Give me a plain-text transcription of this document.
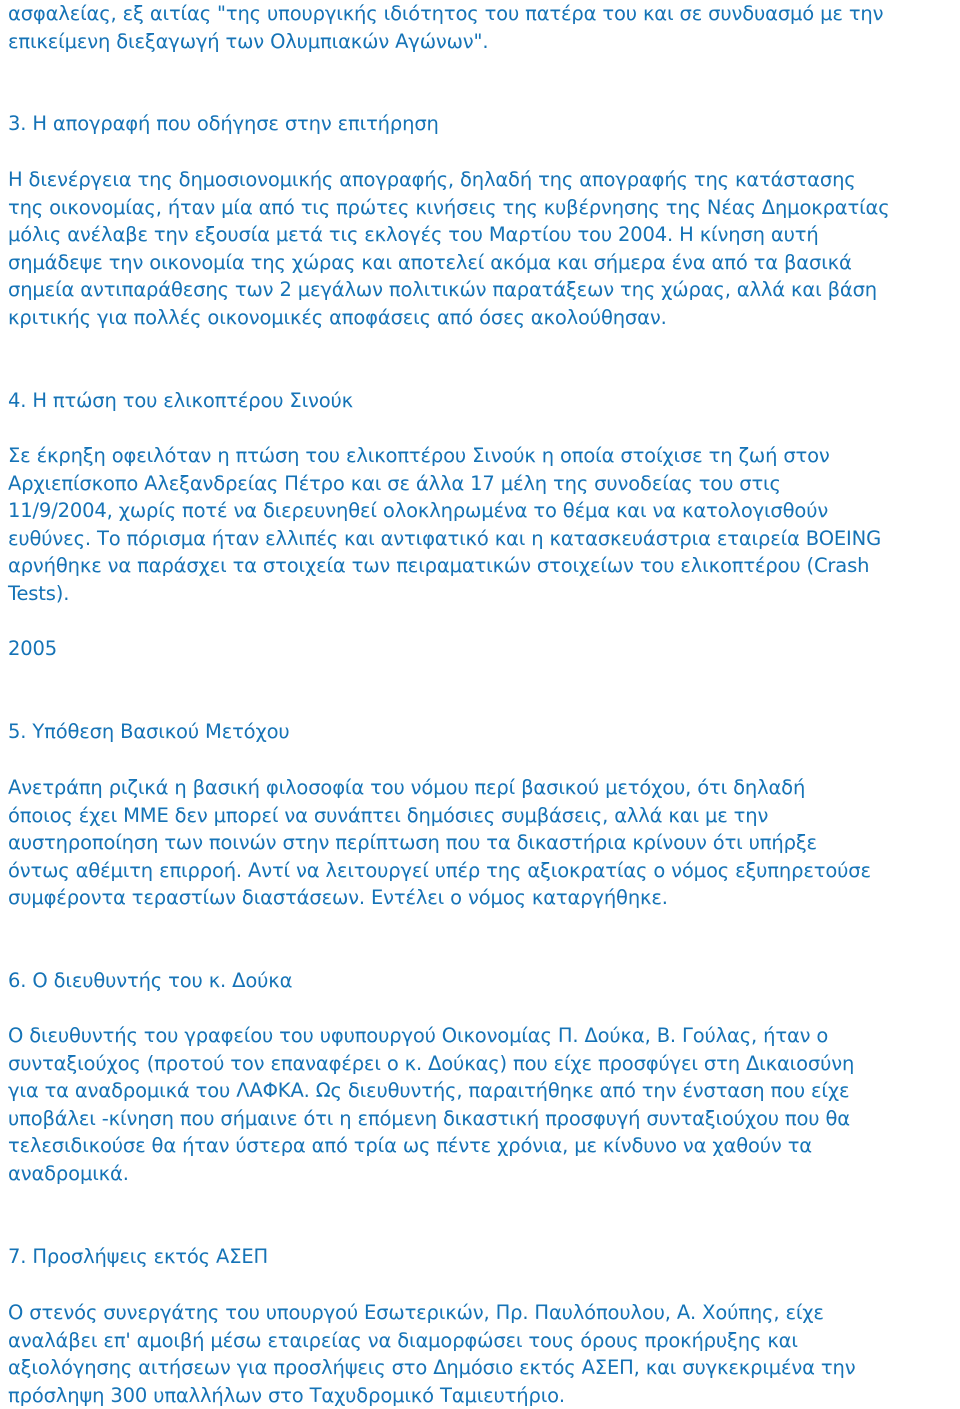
ασφαλείας, εξ αιτίας "της υπουργικής ιδιότητος του πατέρα του και σε συνδυασμό με την
επικείμενη διεξαγωγή των Ολυμπιακών Αγώνων".
3. Η απογραφή που οδήγησε στην επιτήρηση
Η διενέργεια της δημοσιονομικής απογραφής, δηλαδή της απογραφής της κατάστασης
της οικονομίας, ήταν μία από τις πρώτες κινήσεις της κυβέρνησης της Νέας Δημοκρατίας
μόλις ανέλαβε την εξουσία μετά τις εκλογές του Μαρτίου του 2004. Η κίνηση αυτή
σημάδεψε την οικονομία της χώρας και αποτελεί ακόμα και σήμερα ένα από τα βασικά
σημεία αντιπαράθεσης των 2 μεγάλων πολιτικών παρατάξεων της χώρας, αλλά και βάση
κριτικής για πολλές οικονομικές αποφάσεις από όσες ακολούθησαν.
4. Η πτώση του ελικοπτέρου Σινούκ
Σε έκρηξη οφειλόταν η πτώση του ελικοπτέρου Σινούκ η οποία στοίχισε τη ζωή στον
Αρχιεπίσκοπο Αλεξανδρείας Πέτρο και σε άλλα 17 μέλη της συνοδείας του στις
11/9/2004, χωρίς ποτέ να διερευνηθεί ολοκληρωμένα το θέμα και να κατολογισθούν
ευθύνες. Το πόρισμα ήταν ελλιπές και αντιφατικό και η κατασκευάστρια εταιρεία BOEING
αρνήθηκε να παράσχει τα στοιχεία των πειραματικών στοιχείων του ελικοπτέρου (Crash
Tests).
2005
5. Υπόθεση Βασικού Μετόχου
Ανετράπη ριζικά η βασική φιλοσοφία του νόμου περί βασικού μετόχου, ότι δηλαδή
όποιος έχει ΜΜΕ δεν μπορεί να συνάπτει δημόσιες συμβάσεις, αλλά και με την
αυστηροποίηση των ποινών στην περίπτωση που τα δικαστήρια κρίνουν ότι υπήρξε
όντως αθέμιτη επιρροή. Αντί να λειτουργεί υπέρ της αξιοκρατίας ο νόμος εξυπηρετούσε
συμφέροντα τεραστίων διαστάσεων. Εντέλει ο νόμος καταργήθηκε.
6. Ο διευθυντής του κ. Δούκα
Ο διευθυντής του γραφείου του υφυπουργού Οικονομίας Π. Δούκα, Β. Γούλας, ήταν ο
συνταξιούχος (προτού τον επαναφέρει ο κ. Δούκας) που είχε προσφύγει στη Δικαιοσύνη
για τα αναδρομικά του ΛΑΦΚΑ. Ως διευθυντής, παραιτήθηκε από την ένσταση που είχε
υποβάλει -κίνηση που σήμαινε ότι η επόμενη δικαστική προσφυγή συνταξιούχου που θα
τελεσιδικούσε θα ήταν ύστερα από τρία ως πέντε χρόνια, με κίνδυνο να χαθούν τα
αναδρομικά.
7. Προσλήψεις εκτός ΑΣΕΠ
Ο στενός συνεργάτης του υπουργού Εσωτερικών, Πρ. Παυλόπουλου, Α. Χούπης, είχε
αναλάβει επ' αμοιβή μέσω εταιρείας να διαμορφώσει τους όρους προκήρυξης και
αξιολόγησης αιτήσεων για προσλήψεις στο Δημόσιο εκτός ΑΣΕΠ, και συγκεκριμένα την
πρόσληψη 300 υπαλλήλων στο Ταχυδρομικό Ταμιευτήριο.
